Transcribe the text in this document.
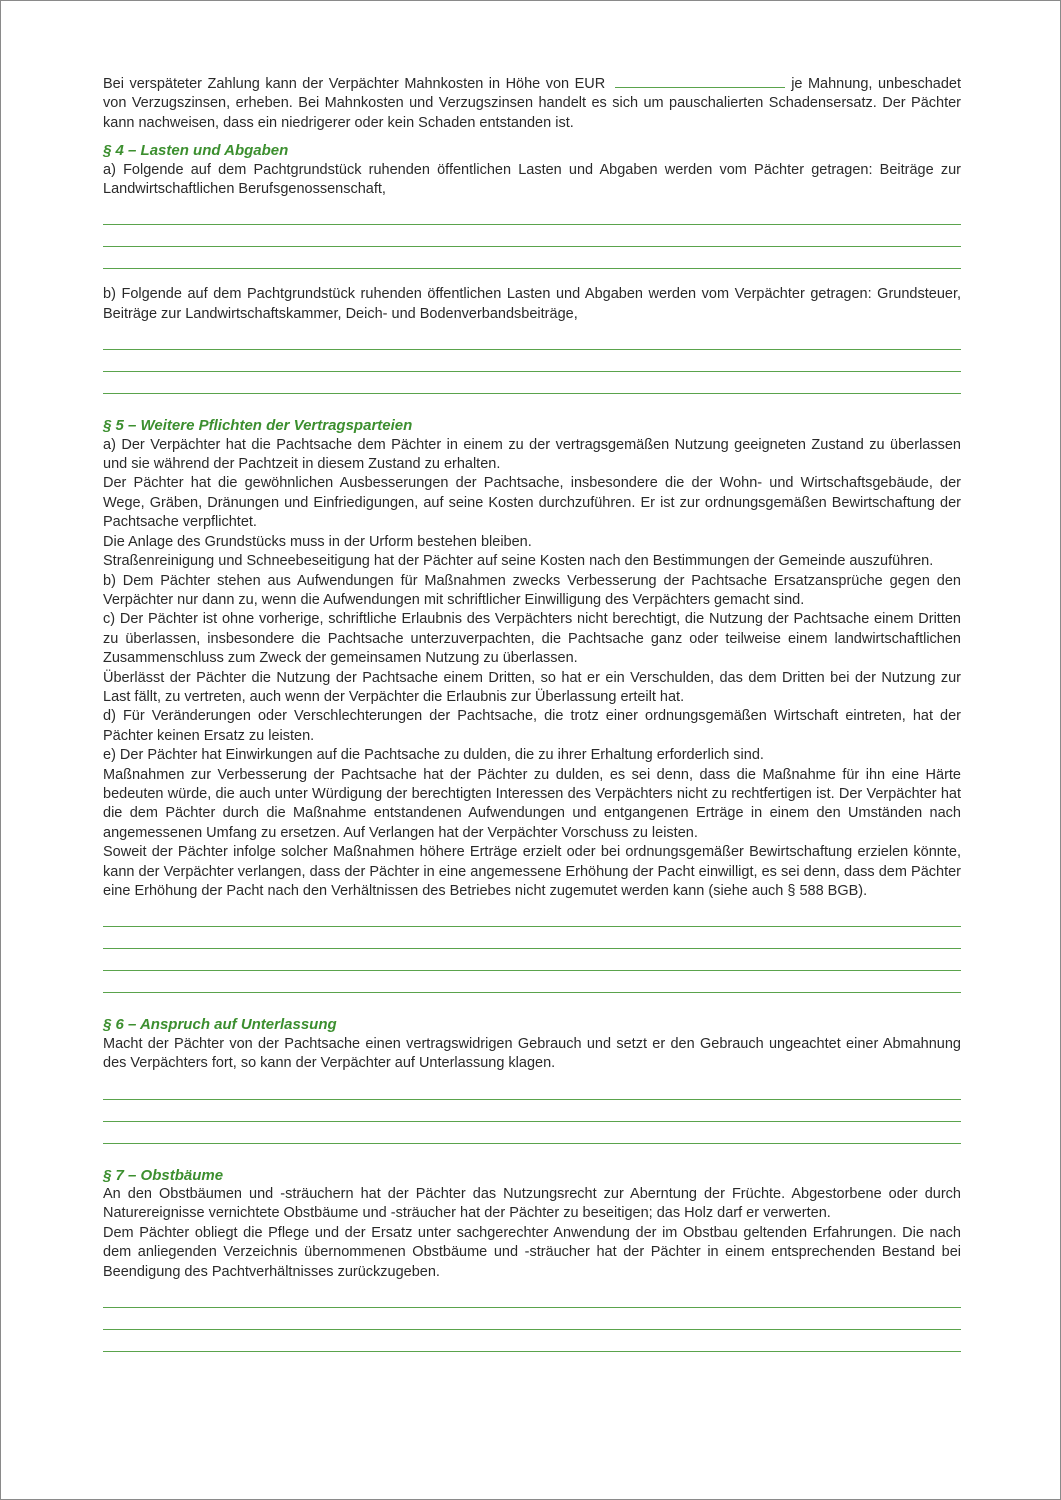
Bei verspäteter Zahlung kann der Verpächter Mahnkosten in Höhe von EUR	je Mahnung, unbeschadet von Verzugszinsen, erheben. Bei Mahnkosten und Verzugszinsen handelt es sich um pauschalierten Schadensersatz. Der Pächter kann nachweisen, dass ein niedrigerer oder kein Schaden entstanden ist.

§ 4 – Lasten und Abgaben

a) Folgende auf dem Pachtgrundstück ruhenden öffentlichen Lasten und Abgaben werden vom Pächter getragen: Beiträge zur Landwirtschaftlichen Berufsgenossenschaft,

b) Folgende auf dem Pachtgrundstück ruhenden öffentlichen Lasten und Abgaben werden vom Verpächter getragen: Grundsteuer, Beiträge zur Landwirtschaftskammer, Deich- und Bodenverbandsbeiträge,

§ 5 – Weitere Pflichten der Vertragsparteien

a) Der Verpächter hat die Pachtsache dem Pächter in einem zu der vertragsgemäßen Nutzung geeigneten Zustand zu überlassen und sie während der Pachtzeit in diesem Zustand zu erhalten.

Der Pächter hat die gewöhnlichen Ausbesserungen der Pachtsache, insbesondere die der Wohn- und Wirtschaftsgebäude, der Wege, Gräben, Dränungen und Einfriedigungen, auf seine Kosten durchzuführen. Er ist zur ordnungsgemäßen Bewirtschaftung der Pachtsache verpflichtet.

Die Anlage des Grundstücks muss in der Urform bestehen bleiben.

Straßenreinigung und Schneebeseitigung hat der Pächter auf seine Kosten nach den Bestimmungen der Gemeinde auszuführen.

b) Dem Pächter stehen aus Aufwendungen für Maßnahmen zwecks Verbesserung der Pachtsache Ersatzansprüche gegen den Verpächter nur dann zu, wenn die Aufwendungen mit schriftlicher Einwilligung des Verpächters gemacht sind.

c) Der Pächter ist ohne vorherige, schriftliche Erlaubnis des Verpächters nicht berechtigt, die Nutzung der Pachtsache einem Dritten zu überlassen, insbesondere die Pachtsache unterzuverpachten, die Pachtsache ganz oder teilweise einem landwirtschaftlichen Zusammenschluss zum Zweck der gemeinsamen Nutzung zu überlassen.

Überlässt der Pächter die Nutzung der Pachtsache einem Dritten, so hat er ein Verschulden, das dem Dritten bei der Nutzung zur Last fällt, zu vertreten, auch wenn der Verpächter die Erlaubnis zur Überlassung erteilt hat.

d) Für Veränderungen oder Verschlechterungen der Pachtsache, die trotz einer ordnungsgemäßen Wirtschaft eintreten, hat der Pächter keinen Ersatz zu leisten.

e) Der Pächter hat Einwirkungen auf die Pachtsache zu dulden, die zu ihrer Erhaltung erforderlich sind.

Maßnahmen zur Verbesserung der Pachtsache hat der Pächter zu dulden, es sei denn, dass die Maßnahme für ihn eine Härte bedeuten würde, die auch unter Würdigung der berechtigten Interessen des Verpächters nicht zu rechtfertigen ist. Der Verpächter hat die dem Pächter durch die Maßnahme entstandenen Aufwendungen und entgangenen Erträge in einem den Umständen nach angemessenen Umfang zu ersetzen. Auf Verlangen hat der Verpächter Vorschuss zu leisten.

Soweit der Pächter infolge solcher Maßnahmen höhere Erträge erzielt oder bei ordnungsgemäßer Bewirtschaftung erzielen könnte, kann der Verpächter verlangen, dass der Pächter in eine angemessene Erhöhung der Pacht einwilligt, es sei denn, dass dem Pächter eine Erhöhung der Pacht nach den Verhältnissen des Betriebes nicht zugemutet werden kann (siehe auch § 588 BGB).

§ 6 – Anspruch auf Unterlassung

Macht der Pächter von der Pachtsache einen vertragswidrigen Gebrauch und setzt er den Gebrauch ungeachtet einer Abmahnung des Verpächters fort, so kann der Verpächter auf Unterlassung klagen.

§ 7 – Obstbäume

An den Obstbäumen und -sträuchern hat der Pächter das Nutzungsrecht zur Aberntung der Früchte. Abgestorbene oder durch Naturereignisse vernichtete Obstbäume und -sträucher hat der Pächter zu beseitigen; das Holz darf er verwerten.

Dem Pächter obliegt die Pflege und der Ersatz unter sachgerechter Anwendung der im Obstbau geltenden Erfahrungen. Die nach dem anliegenden Verzeichnis übernommenen Obstbäume und -sträucher hat der Pächter in einem entsprechenden Bestand bei Beendigung des Pachtverhältnisses zurückzugeben.
